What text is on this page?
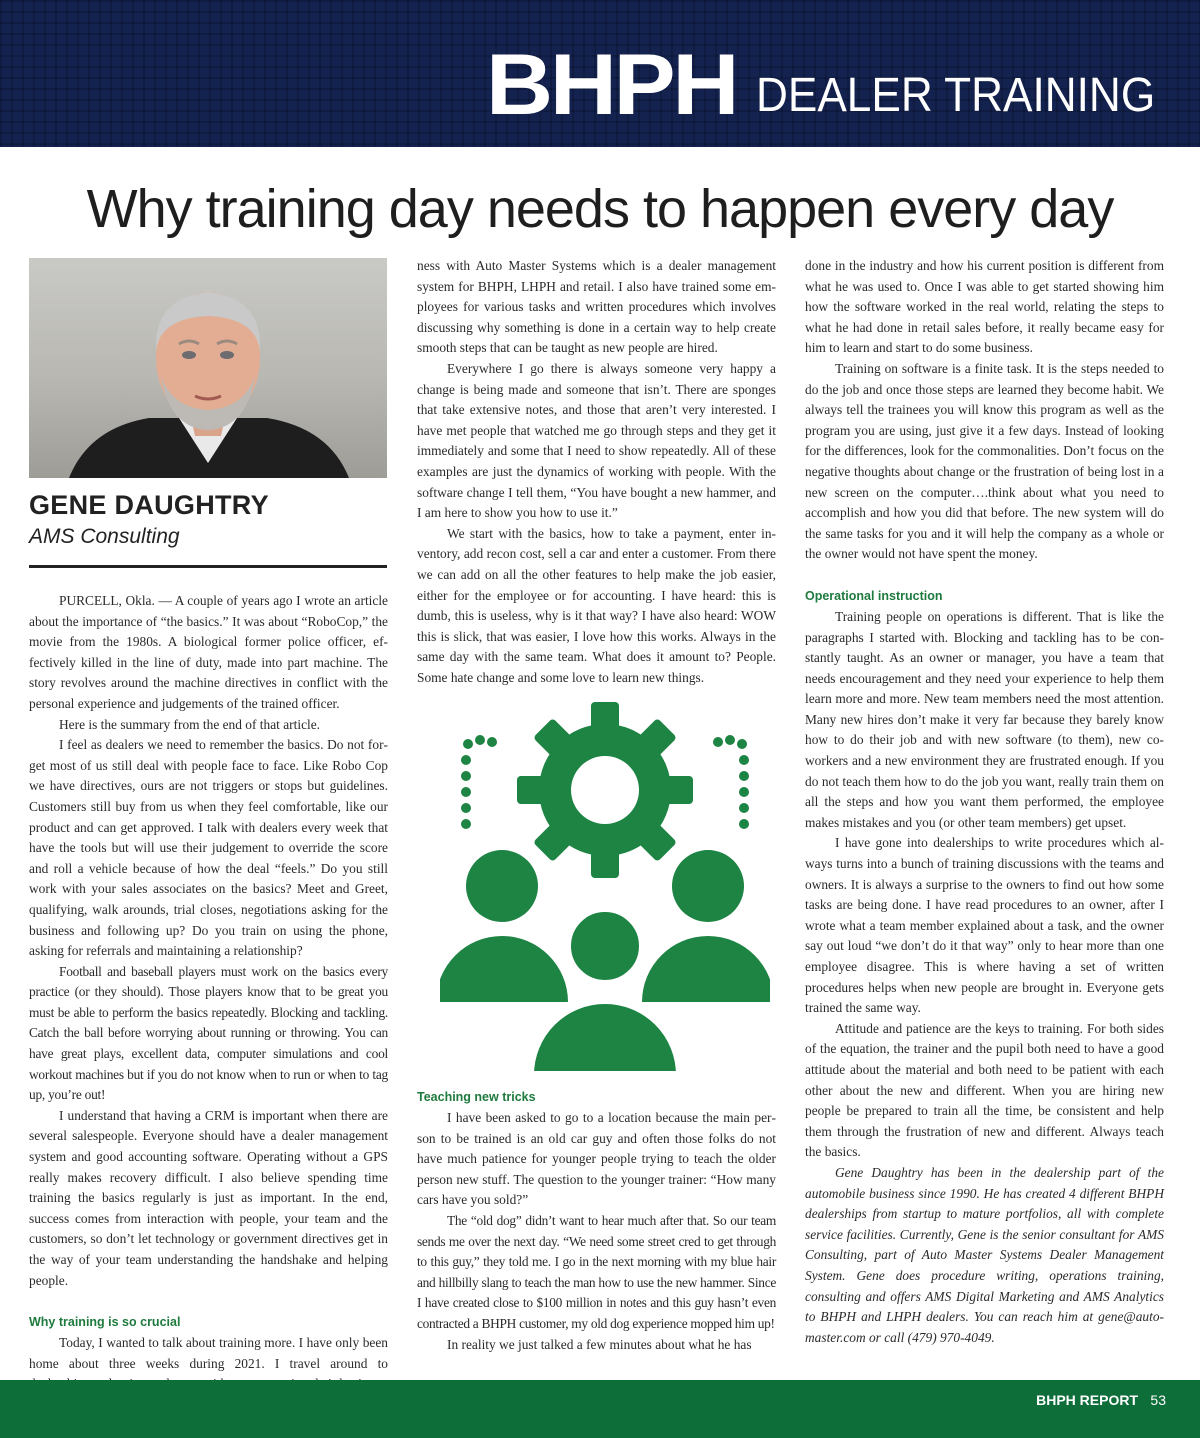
BHPH DEALER TRAINING
Why training day needs to happen every day
GENE DAUGHTRY
AMS Consulting

PURCELL, Okla. — A couple of years ago I wrote an article about the importance of “the basics.” It was about “RoboCop,” the movie from the 1980s. A biological former police officer, effectively killed in the line of duty, made into part machine. The story revolves around the machine directives in conflict with the personal experience and judgements of the trained officer.

Here is the summary from the end of that article.

I feel as dealers we need to remember the basics. Do not forget most of us still deal with people face to face. Like Robo Cop we have directives, ours are not triggers or stops but guidelines. Customers still buy from us when they feel comfortable, like our product and can get approved. I talk with dealers every week that have the tools but will use their judgement to override the score and roll a vehicle because of how the deal “feels.” Do you still work with your sales associates on the basics? Meet and Greet, qualifying, walk arounds, trial closes, negotiations asking for the business and following up? Do you train on using the phone, asking for referrals and maintaining a relationship?

Football and baseball players must work on the basics every practice (or they should). Those players know that to be great you must be able to perform the basics repeatedly. Blocking and tackling. Catch the ball before worrying about running or throwing. You can have great plays, excellent data, computer simulations and cool workout machines but if you do not know when to run or when to tag up, you’re out!

I understand that having a CRM is important when there are several salespeople. Everyone should have a dealer management system and good accounting software. Operating without a GPS really makes recovery difficult. I also believe spending time training the basics regularly is just as important. In the end, success comes from interaction with people, your team and the customers, so don’t let technology or government directives get in the way of your team understanding the handshake and helping people.

Why training is so crucial

Today, I wanted to talk about training more. I have only been home about three weeks during 2021. I travel around to

ness with Auto Master Systems which is a dealer management system for BHPH, LHPH and retail. I also have trained some employees for various tasks and written procedures which involves discussing why something is done in a certain way to help create smooth steps that can be taught as new people are hired.

Everywhere I go there is always someone very happy a change is being made and someone that isn’t. There are sponges that take extensive notes, and those that aren’t very interested. I have met people that watched me go through steps and they get it immediately and some that I need to show repeatedly. All of these examples are just the dynamics of working with people. With the software change I tell them, “You have bought a new hammer, and I am here to show you how to use it.”

We start with the basics, how to take a payment, enter inventory, add recon cost, sell a car and enter a customer. From there we can add on all the other features to help make the job easier, either for the employee or for accounting. I have heard: this is dumb, this is useless, why is it that way? I have also heard: WOW this is slick, that was easier, I love how this works. Always in the same day with the same team. What does it amount to? People. Some hate change and some love to learn new things.

Teaching new tricks

I have been asked to go to a location because the main person to be trained is an old car guy and often those folks do not have much patience for younger people trying to teach the older person new stuff. The question to the younger trainer: “How many cars have you sold?”

The “old dog” didn’t want to hear much after that. So our team sends me over the next day. “We need some street cred to get through to this guy,” they told me. I go in the next morning with my blue hair and hillbilly slang to teach the man how to use the new hammer. Since I have created close to $100 million in notes and this guy hasn’t even contracted a BHPH customer, my old dog experience mopped him up!

In reality we just talked a few minutes about what he has

done in the industry and how his current position is different from what he was used to. Once I was able to get started showing him how the software worked in the real world, relating the steps to what he had done in retail sales before, it really became easy for him to learn and start to do some business.

Training on software is a finite task. It is the steps needed to do the job and once those steps are learned they become habit. We always tell the trainees you will know this program as well as the program you are using, just give it a few days. Instead of looking for the differences, look for the commonalities. Don’t focus on the negative thoughts about change or the frustration of being lost in a new screen on the computer….think about what you need to accomplish and how you did that before. The new system will do the same tasks for you and it will help the company as a whole or the owner would not have spent the money.

Operational instruction

Training people on operations is different. That is like the paragraphs I started with. Blocking and tackling has to be constantly taught. As an owner or manager, you have a team that needs encouragement and they need your experience to help them learn more and more. New team members need the most attention. Many new hires don’t make it very far because they barely know how to do their job and with new software (to them), new co-workers and a new environment they are frustrated enough. If you do not teach them how to do the job you want, really train them on all the steps and how you want them performed, the employee makes mistakes and you (or other team members) get upset.

I have gone into dealerships to write procedures which always turns into a bunch of training discussions with the teams and owners. It is always a surprise to the owners to find out how some tasks are being done. I have read procedures to an owner, after I wrote what a team member explained about a task, and the owner say out loud “we don’t do it that way” only to hear more than one employee disagree. This is where having a set of written procedures helps when new people are brought in. Everyone gets trained the same way.

Attitude and patience are the keys to training. For both sides of the equation, the trainer and the pupil both need to have a good attitude about the material and both need to be patient with each other about the new and different. When you are hiring new people be prepared to train all the time, be consistent and help them through the frustration of new and different. Always teach the basics.

Gene Daughtry has been in the dealership part of the automobile business since 1990. He has created 4 different BHPH dealerships from startup to mature portfolios, all with complete service facilities. Currently, Gene is the senior consultant for AMS Consulting, part of Auto Master Systems Dealer Management System. Gene does procedure writing, operations training, consulting and offers AMS Digital Marketing and AMS Analytics to BHPH and LHPH dealers. You can reach him at gene@auto-master.com or call (479) 970-4049.

BHPH REPORT 53
